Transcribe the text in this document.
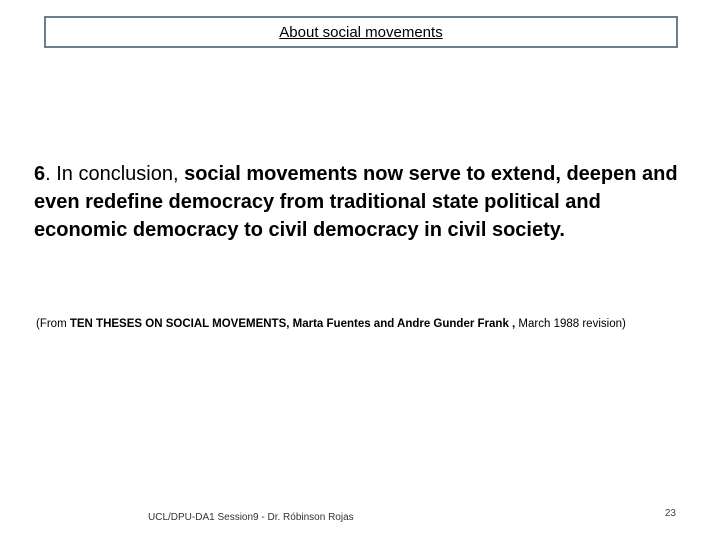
About social movements
6. In conclusion, social movements now serve to extend, deepen and even redefine democracy from traditional state political and economic democracy to civil democracy in civil society.
(From TEN THESES ON SOCIAL MOVEMENTS, Marta Fuentes and Andre Gunder Frank , March 1988 revision)
UCL/DPU-DA1 Session9 - Dr. Róbinson Rojas	23
